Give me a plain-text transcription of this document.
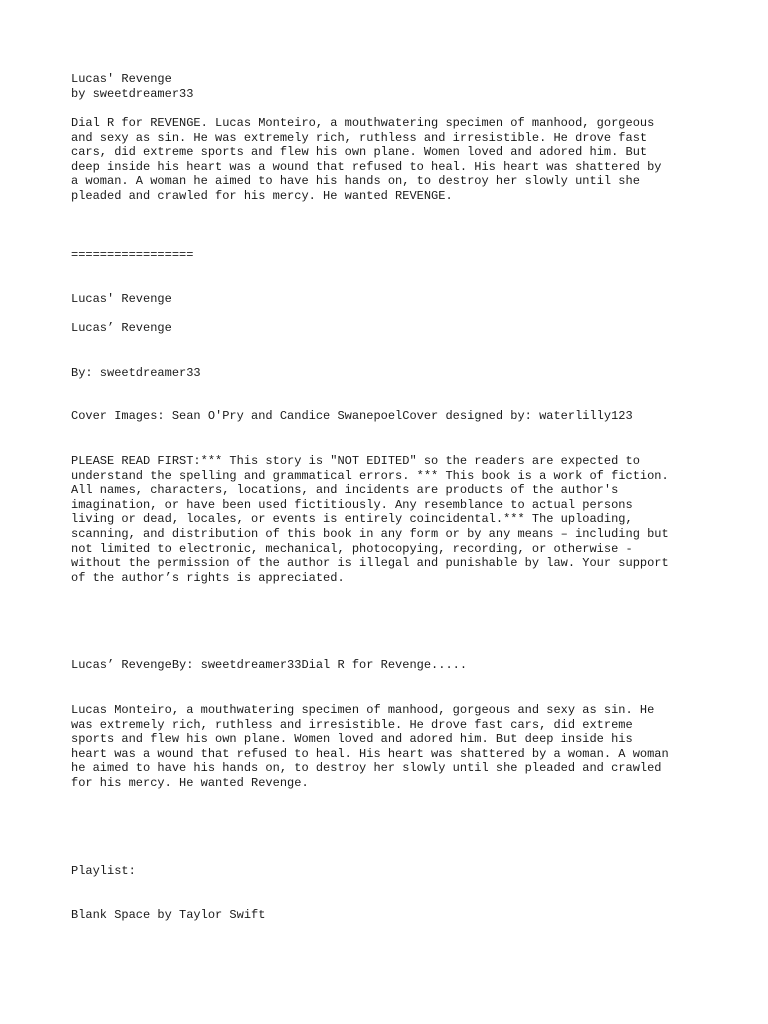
Lucas' Revenge
by sweetdreamer33

Dial R for REVENGE. Lucas Monteiro, a mouthwatering specimen of manhood, gorgeous
and sexy as sin. He was extremely rich, ruthless and irresistible. He drove fast
cars, did extreme sports and flew his own plane. Women loved and adored him. But
deep inside his heart was a wound that refused to heal. His heart was shattered by
a woman. A woman he aimed to have his hands on, to destroy her slowly until she
pleaded and crawled for his mercy. He wanted REVENGE.

=================

Lucas' Revenge

Lucas’ Revenge

By: sweetdreamer33

Cover Images: Sean O'Pry and Candice SwanepoelCover designed by: waterlilly123

PLEASE READ FIRST:*** This story is "NOT EDITED" so the readers are expected to
understand the spelling and grammatical errors. *** This book is a work of fiction.
All names, characters, locations, and incidents are products of the author's
imagination, or have been used fictitiously. Any resemblance to actual persons
living or dead, locales, or events is entirely coincidental.*** The uploading,
scanning, and distribution of this book in any form or by any means – including but
not limited to electronic, mechanical, photocopying, recording, or otherwise -
without the permission of the author is illegal and punishable by law. Your support
of the author’s rights is appreciated.

Lucas’ RevengeBy: sweetdreamer33Dial R for Revenge.....

Lucas Monteiro, a mouthwatering specimen of manhood, gorgeous and sexy as sin. He
was extremely rich, ruthless and irresistible. He drove fast cars, did extreme
sports and flew his own plane. Women loved and adored him. But deep inside his
heart was a wound that refused to heal. His heart was shattered by a woman. A woman
he aimed to have his hands on, to destroy her slowly until she pleaded and crawled
for his mercy. He wanted Revenge.

Playlist:

Blank Space by Taylor Swift
